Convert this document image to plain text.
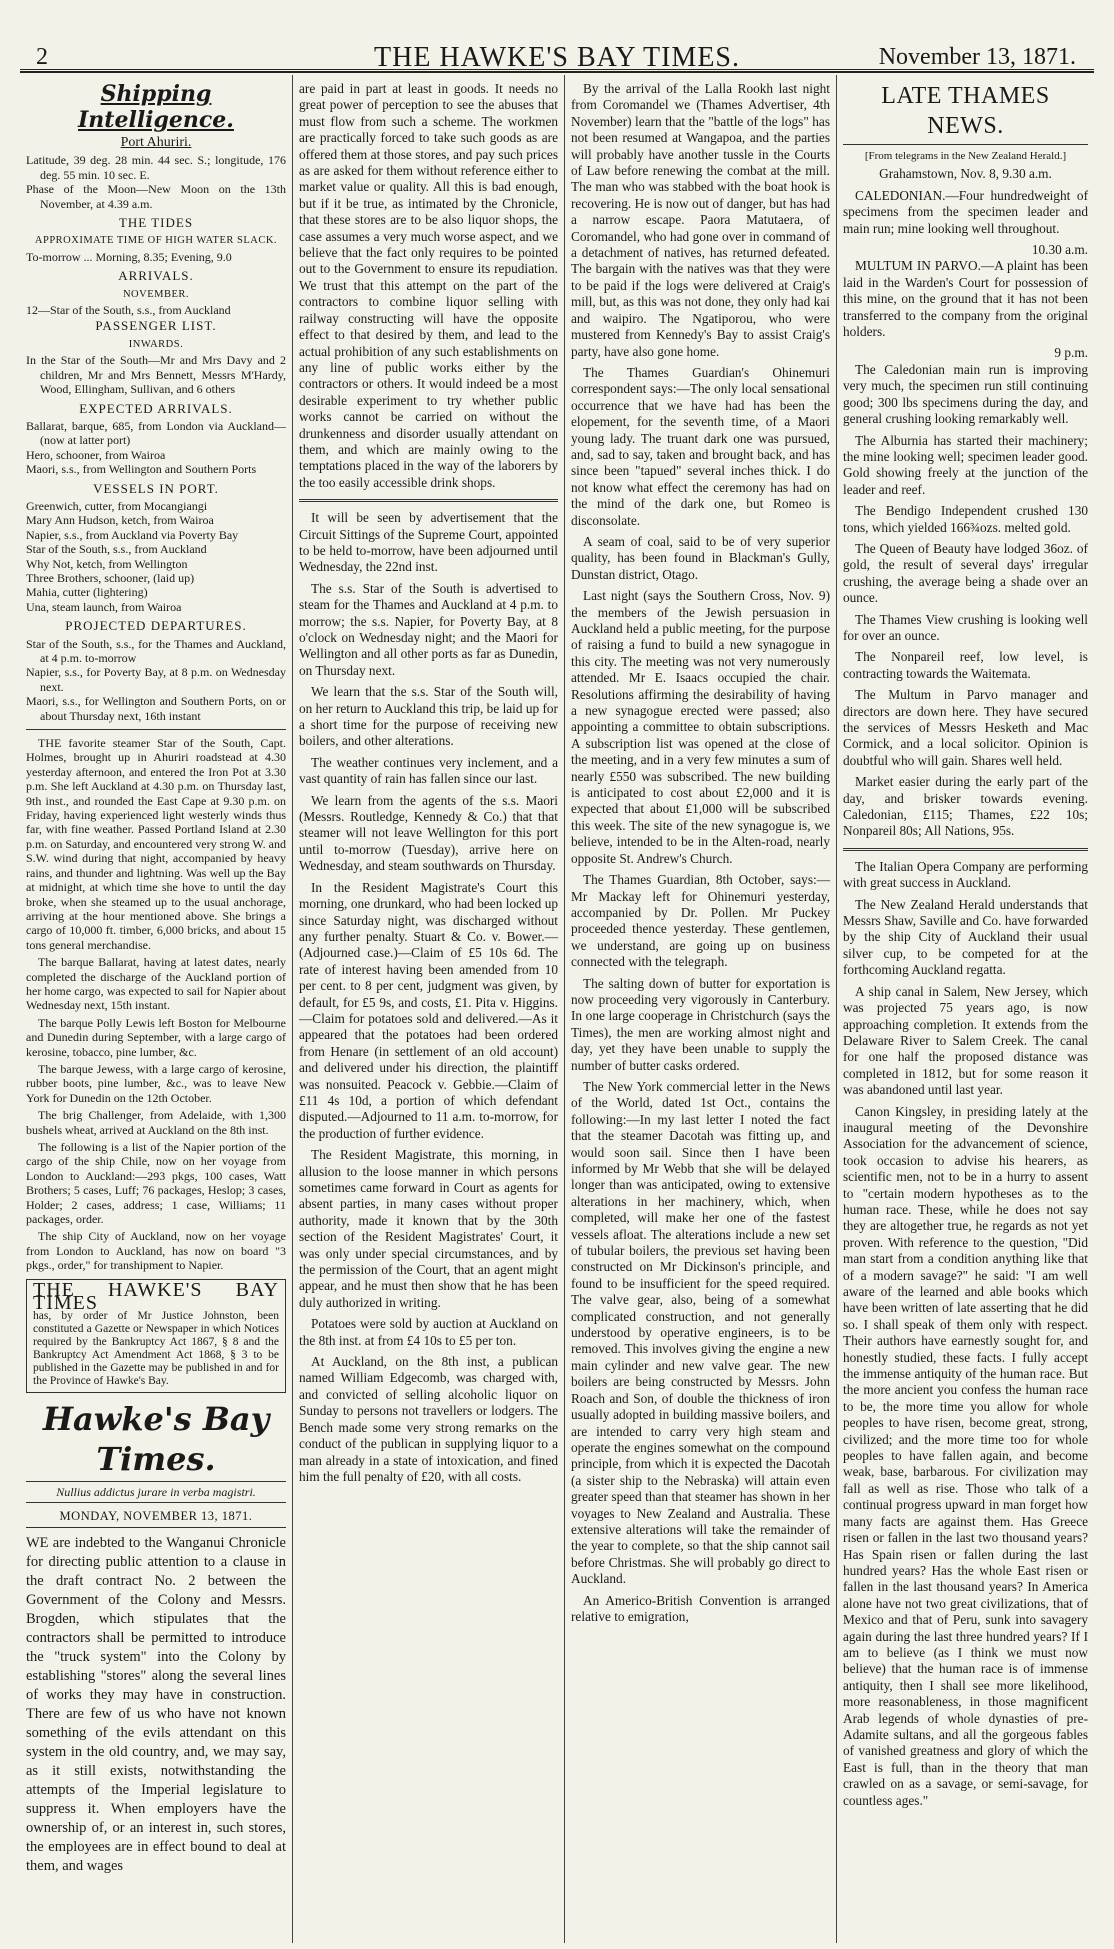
2	THE HAWKE'S BAY TIMES.	November 13, 1871.
Shipping Intelligence.
Port Ahuriri.

Latitude, 39 deg. 28 min. 44 sec. S.; longitude, 176 deg. 55 min. 10 sec. E.

Phase of the Moon—New Moon on the 13th November, at 4.39 a.m.

THE TIDES
APPROXIMATE TIME OF HIGH WATER SLACK.

To-morrow ... Morning, 8.35; Evening, 9.0

ARRIVALS.
NOVEMBER.

12—Star of the South, s.s., from Auckland

PASSENGER LIST.
INWARDS.

In the Star of the South—Mr and Mrs Davy and 2 children, Mr and Mrs Bennett, Messrs M'Hardy, Wood, Ellingham, Sullivan, and 6 others

EXPECTED ARRIVALS.

Ballarat, barque, 685, from London via Auckland—(now at latter port)

Hero, schooner, from Wairoa

Maori, s.s., from Wellington and Southern Ports

VESSELS IN PORT.

Greenwich, cutter, from Mocangiangi

Mary Ann Hudson, ketch, from Wairoa

Napier, s.s., from Auckland via Poverty Bay

Star of the South, s.s., from Auckland

Why Not, ketch, from Wellington

Three Brothers, schooner, (laid up)

Mahia, cutter (lightering)

Una, steam launch, from Wairoa

PROJECTED DEPARTURES.

Star of the South, s.s., for the Thames and Auckland, at 4 p.m. to-morrow

Napier, s.s., for Poverty Bay, at 8 p.m. on Wednesday next.

Maori, s.s., for Wellington and Southern Ports, on or about Thursday next, 16th instant

THE favorite steamer Star of the South, Capt. Holmes, brought up in Ahuriri roadstead at 4.30 yesterday afternoon, and entered the Iron Pot at 3.30 p.m. She left Auckland at 4.30 p.m. on Thursday last, 9th inst., and rounded the East Cape at 9.30 p.m. on Friday, having experienced light westerly winds thus far, with fine weather. Passed Portland Island at 2.30 p.m. on Saturday, and encountered very strong W. and S.W. wind during that night, accompanied by heavy rains, and thunder and lightning. Was well up the Bay at midnight, at which time she hove to until the day broke, when she steamed up to the usual anchorage, arriving at the hour mentioned above. She brings a cargo of 10,000 ft. timber, 6,000 bricks, and about 15 tons general merchandise.

The barque Ballarat, having at latest dates, nearly completed the discharge of the Auckland portion of her home cargo, was expected to sail for Napier about Wednesday next, 15th instant.

The barque Polly Lewis left Boston for Melbourne and Dunedin during September, with a large cargo of kerosine, tobacco, pine lumber, &c.

The barque Jewess, with a large cargo of kerosine, rubber boots, pine lumber, &c., was to leave New York for Dunedin on the 12th October.

The brig Challenger, from Adelaide, with 1,300 bushels wheat, arrived at Auckland on the 8th inst.

The following is a list of the Napier portion of the cargo of the ship Chile, now on her voyage from London to Auckland:—293 pkgs, 100 cases, Watt Brothers; 5 cases, Luff; 76 packages, Heslop; 3 cases, Holder; 2 cases, address; 1 case, Williams; 11 packages, order.

The ship City of Auckland, now on her voyage from London to Auckland, has now on board "3 pkgs., order," for transhipment to Napier.

THE HAWKE'S BAY TIMES
has, by order of Mr Justice Johnston, been constituted a Gazette or Newspaper in which Notices required by the Bankruptcy Act 1867, § 8 and the Bankruptcy Act Amendment Act 1868, § 3 to be published in the Gazette may be published in and for the Province of Hawke's Bay.
Hawke's Bay Times.
Nullius addictus jurare in verba magistri.
MONDAY, NOVEMBER 13, 1871.

WE are indebted to the Wanganui Chronicle for directing public attention to a clause in the draft contract No. 2 between the Government of the Colony and Messrs. Brogden, which stipulates that the contractors shall be permitted to introduce the "truck system" into the Colony by establishing "stores" along the several lines of works they may have in construction. There are few of us who have not known something of the evils attendant on this system in the old country, and, we may say, as it still exists, notwithstanding the attempts of the Imperial legislature to suppress it. When employers have the ownership of, or an interest in, such stores, the employees are in effect bound to deal at them, and wages

are paid in part at least in goods. It needs no great power of perception to see the abuses that must flow from such a scheme. The workmen are practically forced to take such goods as are offered them at those stores, and pay such prices as are asked for them without reference either to market value or quality. All this is bad enough, but if it be true, as intimated by the Chronicle, that these stores are to be also liquor shops, the case assumes a very much worse aspect, and we believe that the fact only requires to be pointed out to the Government to ensure its repudiation. We trust that this attempt on the part of the contractors to combine liquor selling with railway constructing will have the opposite effect to that desired by them, and lead to the actual prohibition of any such establishments on any line of public works either by the contractors or others. It would indeed be a most desirable experiment to try whether public works cannot be carried on without the drunkenness and disorder usually attendant on them, and which are mainly owing to the temptations placed in the way of the laborers by the too easily accessible drink shops.

It will be seen by advertisement that the Circuit Sittings of the Supreme Court, appointed to be held to-morrow, have been adjourned until Wednesday, the 22nd inst.

The s.s. Star of the South is advertised to steam for the Thames and Auckland at 4 p.m. to morrow; the s.s. Napier, for Poverty Bay, at 8 o'clock on Wednesday night; and the Maori for Wellington and all other ports as far as Dunedin, on Thursday next.

We learn that the s.s. Star of the South will, on her return to Auckland this trip, be laid up for a short time for the purpose of receiving new boilers, and other alterations.

The weather continues very inclement, and a vast quantity of rain has fallen since our last.

We learn from the agents of the s.s. Maori (Messrs. Routledge, Kennedy & Co.) that that steamer will not leave Wellington for this port until to-morrow (Tuesday), arrive here on Wednesday, and steam southwards on Thursday.

In the Resident Magistrate's Court this morning, one drunkard, who had been locked up since Saturday night, was discharged without any further penalty. Stuart & Co. v. Bower.—(Adjourned case.)—Claim of £5 10s 6d. The rate of interest having been amended from 10 per cent. to 8 per cent, judgment was given, by default, for £5 9s, and costs, £1. Pita v. Higgins.—Claim for potatoes sold and delivered.—As it appeared that the potatoes had been ordered from Henare (in settlement of an old account) and delivered under his direction, the plaintiff was nonsuited. Peacock v. Gebbie.—Claim of £11 4s 10d, a portion of which defendant disputed.—Adjourned to 11 a.m. to-morrow, for the production of further evidence.

The Resident Magistrate, this morning, in allusion to the loose manner in which persons sometimes came forward in Court as agents for absent parties, in many cases without proper authority, made it known that by the 30th section of the Resident Magistrates' Court, it was only under special circumstances, and by the permission of the Court, that an agent might appear, and he must then show that he has been duly authorized in writing.

Potatoes were sold by auction at Auckland on the 8th inst. at from £4 10s to £5 per ton.

At Auckland, on the 8th inst, a publican named William Edgecomb, was charged with, and convicted of selling alcoholic liquor on Sunday to persons not travellers or lodgers. The Bench made some very strong remarks on the conduct of the publican in supplying liquor to a man already in a state of intoxication, and fined him the full penalty of £20, with all costs.

By the arrival of the Lalla Rookh last night from Coromandel we (Thames Advertiser, 4th November) learn that the "battle of the logs" has not been resumed at Wangapoa, and the parties will probably have another tussle in the Courts of Law before renewing the combat at the mill. The man who was stabbed with the boat hook is recovering. He is now out of danger, but has had a narrow escape. Paora Matutaera, of Coromandel, who had gone over in command of a detachment of natives, has returned defeated. The bargain with the natives was that they were to be paid if the logs were delivered at Craig's mill, but, as this was not done, they only had kai and waipiro. The Ngatiporou, who were mustered from Kennedy's Bay to assist Craig's party, have also gone home.

The Thames Guardian's Ohinemuri correspondent says:—The only local sensational occurrence that we have had has been the elopement, for the seventh time, of a Maori young lady. The truant dark one was pursued, and, sad to say, taken and brought back, and has since been "tapued" several inches thick. I do not know what effect the ceremony has had on the mind of the dark one, but Romeo is disconsolate.

A seam of coal, said to be of very superior quality, has been found in Blackman's Gully, Dunstan district, Otago.

Last night (says the Southern Cross, Nov. 9) the members of the Jewish persuasion in Auckland held a public meeting, for the purpose of raising a fund to build a new synagogue in this city. The meeting was not very numerously attended. Mr E. Isaacs occupied the chair. Resolutions affirming the desirability of having a new synagogue erected were passed; also appointing a committee to obtain subscriptions. A subscription list was opened at the close of the meeting, and in a very few minutes a sum of nearly £550 was subscribed. The new building is anticipated to cost about £2,000 and it is expected that about £1,000 will be subscribed this week. The site of the new synagogue is, we believe, intended to be in the Alten-road, nearly opposite St. Andrew's Church.

The Thames Guardian, 8th October, says:—Mr Mackay left for Ohinemuri yesterday, accompanied by Dr. Pollen. Mr Puckey proceeded thence yesterday. These gentlemen, we understand, are going up on business connected with the telegraph.

The salting down of butter for exportation is now proceeding very vigorously in Canterbury. In one large cooperage in Christchurch (says the Times), the men are working almost night and day, yet they have been unable to supply the number of butter casks ordered.

The New York commercial letter in the News of the World, dated 1st Oct., contains the following:—In my last letter I noted the fact that the steamer Dacotah was fitting up, and would soon sail. Since then I have been informed by Mr Webb that she will be delayed longer than was anticipated, owing to extensive alterations in her machinery, which, when completed, will make her one of the fastest vessels afloat. The alterations include a new set of tubular boilers, the previous set having been constructed on Mr Dickinson's principle, and found to be insufficient for the speed required. The valve gear, also, being of a somewhat complicated construction, and not generally understood by operative engineers, is to be removed. This involves giving the engine a new main cylinder and new valve gear. The new boilers are being constructed by Messrs. John Roach and Son, of double the thickness of iron usually adopted in building massive boilers, and are intended to carry very high steam and operate the engines somewhat on the compound principle, from which it is expected the Dacotah (a sister ship to the Nebraska) will attain even greater speed than that steamer has shown in her voyages to New Zealand and Australia. These extensive alterations will take the remainder of the year to complete, so that the ship cannot sail before Christmas. She will probably go direct to Auckland.

An Americo-British Convention is arranged relative to emigration,

LATE THAMES NEWS.

[From telegrams in the New Zealand Herald.]

Grahamstown, Nov. 8, 9.30 a.m.

CALEDONIAN.—Four hundredweight of specimens from the specimen leader and main run; mine looking well throughout.

10.30 a.m.

MULTUM IN PARVO.—A plaint has been laid in the Warden's Court for possession of this mine, on the ground that it has not been transferred to the company from the original holders.

9 p.m.

The Caledonian main run is improving very much, the specimen run still continuing good; 300 lbs specimens during the day, and general crushing looking remarkably well.

The Alburnia has started their machinery; the mine looking well; specimen leader good. Gold showing freely at the junction of the leader and reef.

The Bendigo Independent crushed 130 tons, which yielded 166¾ozs. melted gold.

The Queen of Beauty have lodged 36oz. of gold, the result of several days' irregular crushing, the average being a shade over an ounce.

The Thames View crushing is looking well for over an ounce.

The Nonpareil reef, low level, is contracting towards the Waitemata.

The Multum in Parvo manager and directors are down here. They have secured the services of Messrs Hesketh and Mac Cormick, and a local solicitor. Opinion is doubtful who will gain. Shares well held.

Market easier during the early part of the day, and brisker towards evening. Caledonian, £115; Thames, £22 10s; Nonpareil 80s; All Nations, 95s.

The Italian Opera Company are performing with great success in Auckland.

The New Zealand Herald understands that Messrs Shaw, Saville and Co. have forwarded by the ship City of Auckland their usual silver cup, to be competed for at the forthcoming Auckland regatta.

A ship canal in Salem, New Jersey, which was projected 75 years ago, is now approaching completion. It extends from the Delaware River to Salem Creek. The canal for one half the proposed distance was completed in 1812, but for some reason it was abandoned until last year.

Canon Kingsley, in presiding lately at the inaugural meeting of the Devonshire Association for the advancement of science, took occasion to advise his hearers, as scientific men, not to be in a hurry to assent to "certain modern hypotheses as to the human race. These, while he does not say they are altogether true, he regards as not yet proven. With reference to the question, "Did man start from a condition anything like that of a modern savage?" he said: "I am well aware of the learned and able books which have been written of late asserting that he did so. I shall speak of them only with respect. Their authors have earnestly sought for, and honestly studied, these facts. I fully accept the immense antiquity of the human race. But the more ancient you confess the human race to be, the more time you allow for whole peoples to have risen, become great, strong, civilized; and the more time too for whole peoples to have fallen again, and become weak, base, barbarous. For civilization may fall as well as rise. Those who talk of a continual progress upward in man forget how many facts are against them. Has Greece risen or fallen in the last two thousand years? Has Spain risen or fallen during the last hundred years? Has the whole East risen or fallen in the last thousand years? In America alone have not two great civilizations, that of Mexico and that of Peru, sunk into savagery again during the last three hundred years? If I am to believe (as I think we must now believe) that the human race is of immense antiquity, then I shall see more likelihood, more reasonableness, in those magnificent Arab legends of whole dynasties of pre-Adamite sultans, and all the gorgeous fables of vanished greatness and glory of which the East is full, than in the theory that man crawled on as a savage, or semi-savage, for countless ages."
